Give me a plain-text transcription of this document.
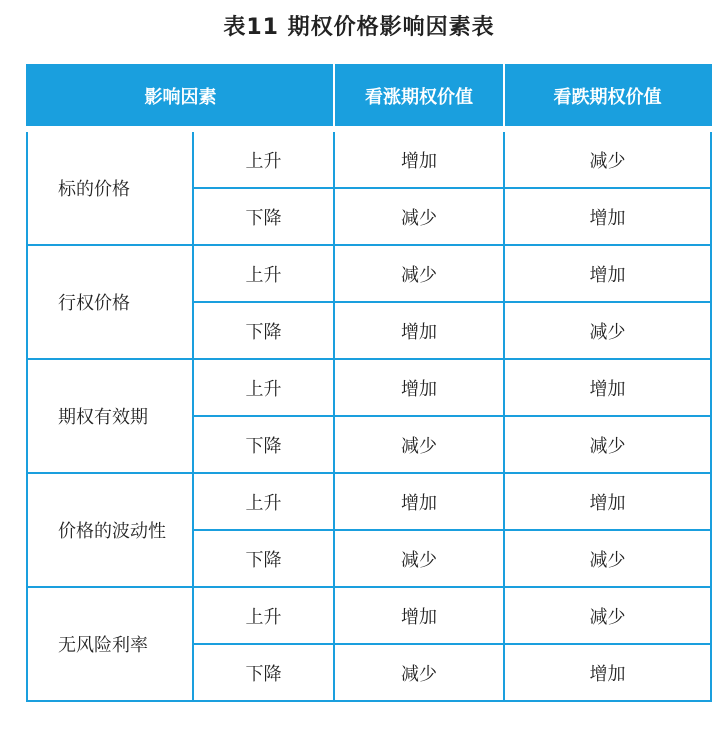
表11 期权价格影响因素表
影响因素		看涨期权价值	看跌期权价值
标的价格	上升	增加	减少
	下降	减少	增加
行权价格	上升	减少	增加
	下降	增加	减少
期权有效期	上升	增加	增加
	下降	减少	减少
价格的波动性	上升	增加	增加
	下降	减少	减少
无风险利率	上升	增加	减少
	下降	减少	增加
